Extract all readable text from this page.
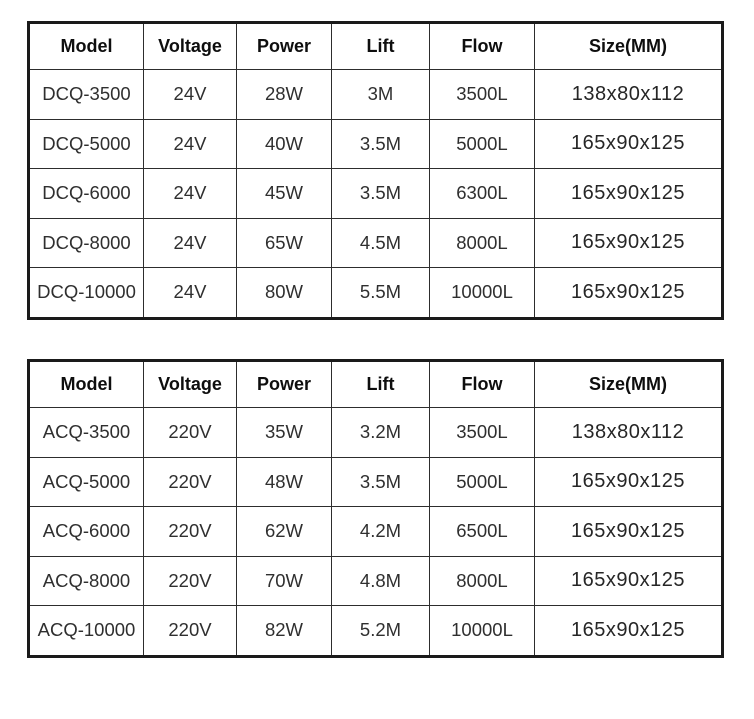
Model	Voltage	Power	Lift	Flow	Size(MM)
DCQ-3500	24V	28W	3M	3500L	138x80x112
DCQ-5000	24V	40W	3.5M	5000L	165x90x125
DCQ-6000	24V	45W	3.5M	6300L	165x90x125
DCQ-8000	24V	65W	4.5M	8000L	165x90x125
DCQ-10000	24V	80W	5.5M	10000L	165x90x125
Model	Voltage	Power	Lift	Flow	Size(MM)
ACQ-3500	220V	35W	3.2M	3500L	138x80x112
ACQ-5000	220V	48W	3.5M	5000L	165x90x125
ACQ-6000	220V	62W	4.2M	6500L	165x90x125
ACQ-8000	220V	70W	4.8M	8000L	165x90x125
ACQ-10000	220V	82W	5.2M	10000L	165x90x125
